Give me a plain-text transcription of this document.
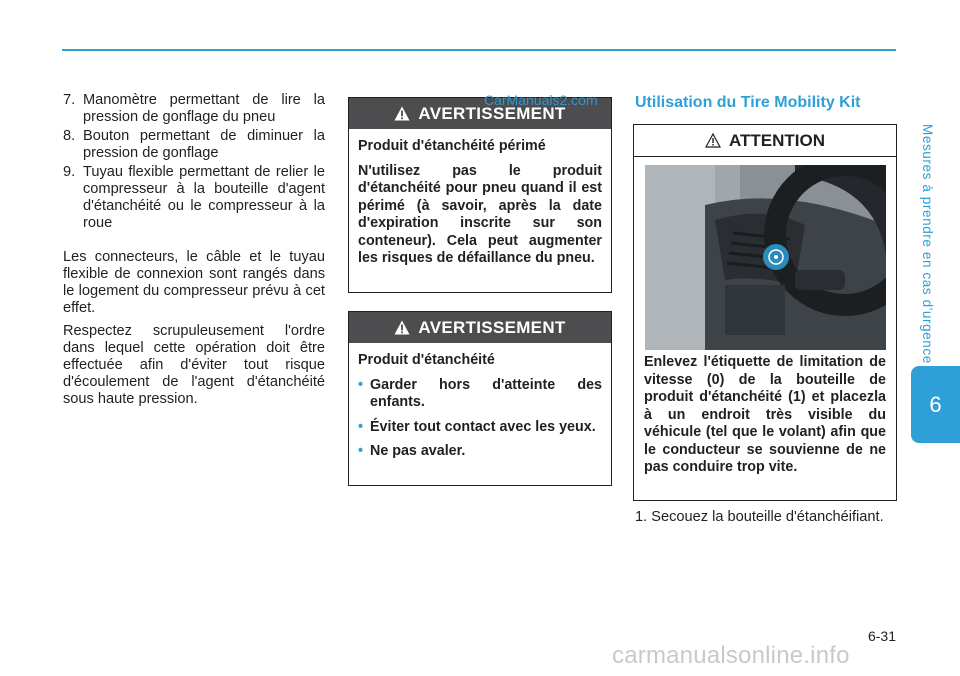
Mesures à prendre en cas d'urgence
6
6-31
7. Manomètre permettant de lire la pression de gonflage du pneu
8. Bouton permettant de diminuer la pression de gonflage
9. Tuyau flexible permettant de relier le compresseur à la bouteille d'agent d'étanchéité ou le compresseur à la roue

Les connecteurs, le câble et le tuyau flexible de connexion sont rangés dans le logement du compresseur prévu à cet effet.

Respectez scrupuleusement l'ordre dans lequel cette opération doit être effectuée afin d'éviter tout risque d'écoulement de l'agent d'étanchéité sous haute pression.

AVERTISSEMENT

Produit d'étanchéité périmé

N'utilisez pas le produit d'étanchéité pour pneu quand il est périmé (à savoir, après la date d'expiration inscrite sur son conteneur). Cela peut augmenter les risques de défaillance du pneu.

CarManuals2.com
AVERTISSEMENT

Produit d'étanchéité

• Garder hors d'atteinte des enfants.
• Éviter tout contact avec les yeux.
• Ne pas avaler.
Utilisation du Tire Mobility Kit
ATTENTION
Enlevez l'étiquette de limitation de vitesse (0) de la bouteille de produit d'étanchéité (1) et placezla à un endroit très visible du véhicule (tel que le volant) afin que le conducteur se souvienne de ne pas conduire trop vite.
1. Secouez la bouteille d'étanchéifiant.
carmanualsonline.info
